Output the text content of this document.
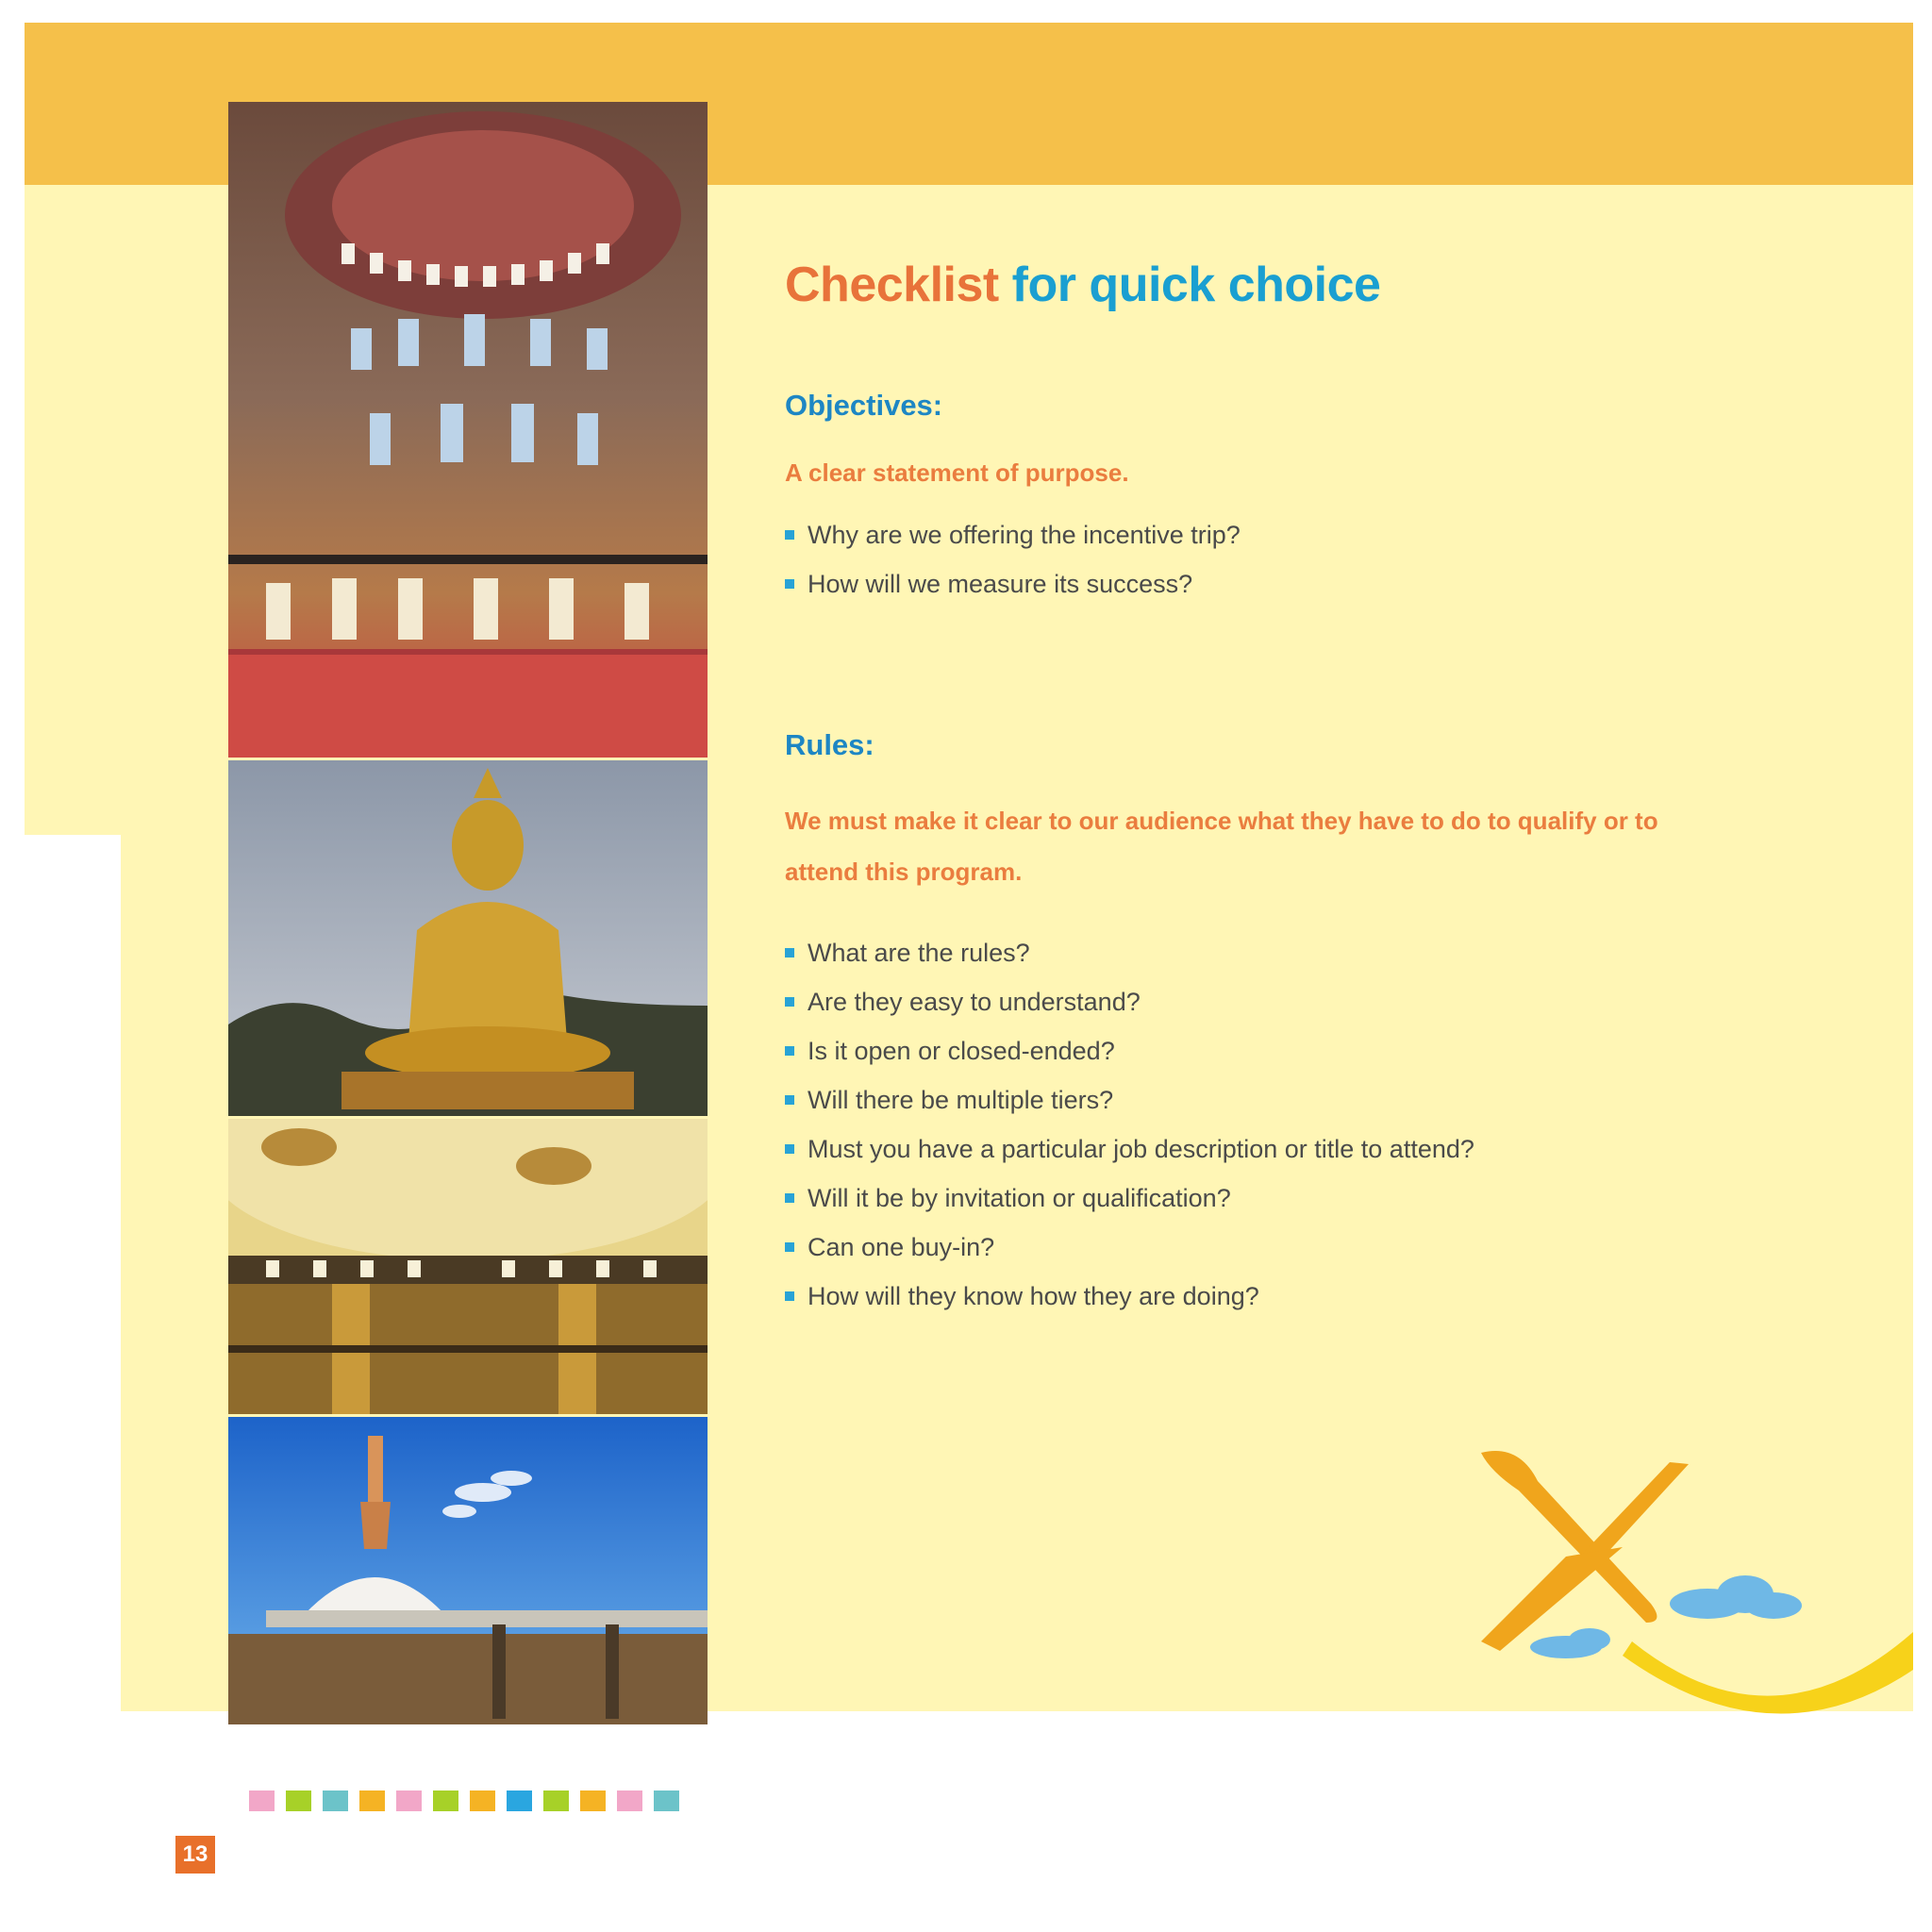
Checklist for quick choice
Objectives:
A clear statement of purpose.
Why are we offering the incentive trip?
How will we measure its success?
Rules:
We must make it clear to our audience what they have to do to qualify or to attend this program.
What are the rules?
Are they easy to understand?
Is it open or closed-ended?
Will there be multiple tiers?
Must you have a particular job description or title to attend?
Will it be by invitation or qualification?
Can one buy-in?
How will they know how they are doing?
13
